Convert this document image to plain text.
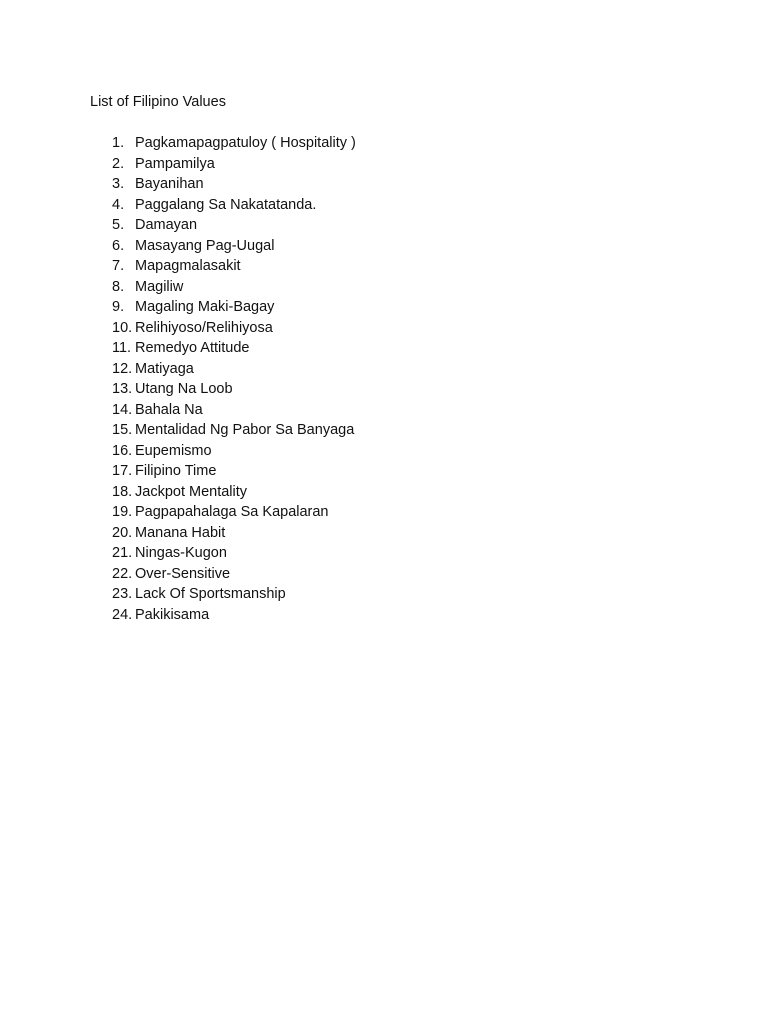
List of Filipino Values
1. Pagkamapagpatuloy ( Hospitality )
2. Pampamilya
3. Bayanihan
4. Paggalang Sa Nakatatanda.
5. Damayan
6. Masayang Pag-Uugal
7. Mapagmalasakit
8. Magiliw
9. Magaling Maki-Bagay
10. Relihiyoso/Relihiyosa
11. Remedyo Attitude
12. Matiyaga
13. Utang Na Loob
14. Bahala Na
15. Mentalidad Ng Pabor Sa Banyaga
16. Eupemismo
17. Filipino Time
18. Jackpot Mentality
19. Pagpapahalaga Sa Kapalaran
20. Manana Habit
21. Ningas-Kugon
22. Over-Sensitive
23. Lack Of Sportsmanship
24. Pakikisama
